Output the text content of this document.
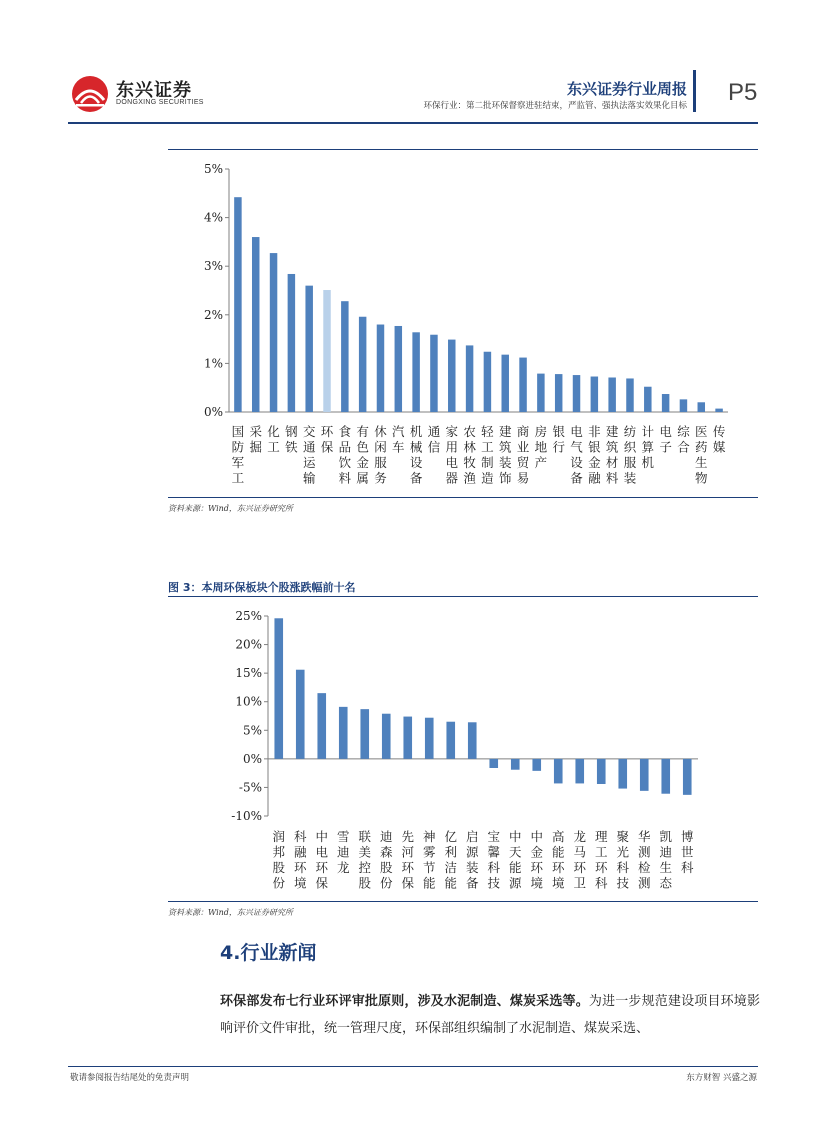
东兴证券
DONGXING SECURITIES
东兴证券行业周报
环保行业：第二批环保督察进驻结束，严监管、强执法落实效果化目标 P5
0%
1%
2%
3%
4%
5%
国
防
军
工
采
掘
化
工
钢
铁
交
通
运
输
环
保
食
品
饮
料
有
色
金
属
休
闲
服
务
汽
车
机
械
设
备
通
信
家
用
电
器
农
林
牧
渔
轻
工
制
造
建
筑
装
饰
商
业
贸
易
房
地
产
银
行
电
气
设
备
非
银
金
融
建
筑
材
料
纺
织
服
装
计
算
机
电
子
综
合
医
药
生
物
传
媒
资料来源：Wind，东兴证券研究所
图 3：本周环保板块个股涨跌幅前十名
-10%
-5%
0%
5%
10%
15%
20%
25%
润
邦
股
份
科
融
环
境
中
电
环
保
雪
迪
龙
联
美
控
股
迪
森
股
份
先
河
环
保
神
雾
节
能
亿
利
洁
能
启
源
装
备
宝
馨
科
技
中
天
能
源
中
金
环
境
高
能
环
境
龙
马
环
卫
理
工
环
科
聚
光
科
技
华
测
检
测
凯
迪
生
态
博
世
科
资料来源：Wind，东兴证券研究所
4.行业新闻
环保部发布七行业环评审批原则，涉及水泥制造、煤炭采选等。为进一步规范建设项目环境影响评价文件审批，统一管理尺度，环保部组织编制了水泥制造、煤炭采选、
敬请参阅报告结尾处的免责声明	东方财智 兴盛之源
